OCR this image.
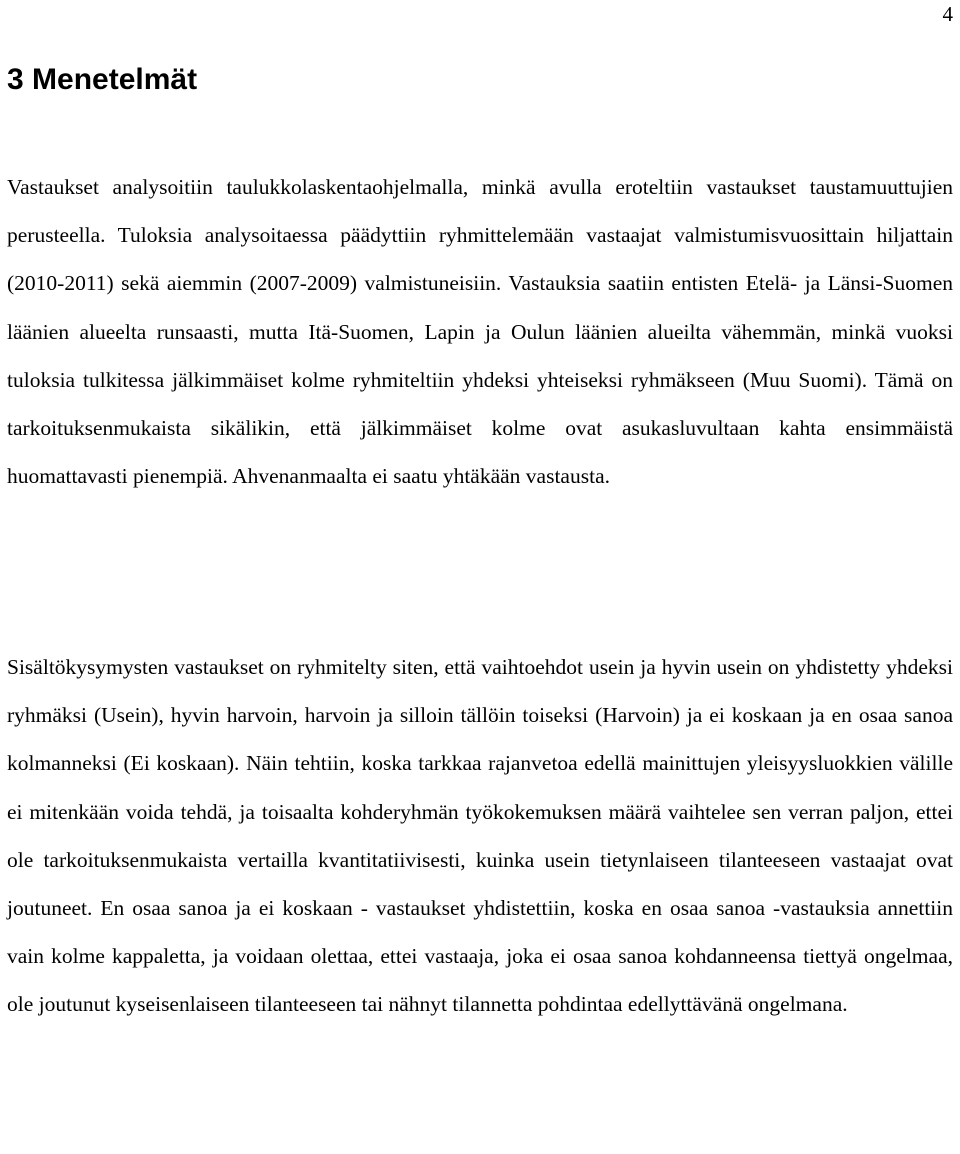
4
3 Menetelmät

Vastaukset analysoitiin taulukkolaskentaohjelmalla, minkä avulla eroteltiin vastaukset taustamuuttujien perusteella. Tuloksia analysoitaessa päädyttiin ryhmittelemään vastaajat valmistumisvuosittain hiljattain (2010-2011) sekä aiemmin (2007-2009) valmistuneisiin. Vastauksia saatiin entisten Etelä- ja Länsi-Suomen läänien alueelta runsaasti, mutta Itä-Suomen, Lapin ja Oulun läänien alueilta vähemmän, minkä vuoksi tuloksia tulkitessa jälkimmäiset kolme ryhmiteltiin yhdeksi yhteiseksi ryhmäkseen (Muu Suomi). Tämä on tarkoituksenmukaista sikälikin, että jälkimmäiset kolme ovat asukasluvultaan kahta ensimmäistä huomattavasti pienempiä. Ahvenanmaalta ei saatu yhtäkään vastausta.

Sisältökysymysten vastaukset on ryhmitelty siten, että vaihtoehdot usein ja hyvin usein on yhdistetty yhdeksi ryhmäksi (Usein), hyvin harvoin, harvoin ja silloin tällöin toiseksi (Harvoin) ja ei koskaan ja en osaa sanoa kolmanneksi (Ei koskaan). Näin tehtiin, koska tarkkaa rajanvetoa edellä mainittujen yleisyysluokkien välille ei mitenkään voida tehdä, ja toisaalta kohderyhmän työkokemuksen määrä vaihtelee sen verran paljon, ettei ole tarkoituksenmukaista vertailla kvantitatiivisesti, kuinka usein tietynlaiseen tilanteeseen vastaajat ovat joutuneet. En osaa sanoa ja ei koskaan - vastaukset yhdistettiin, koska en osaa sanoa -vastauksia annettiin vain kolme kappaletta, ja voidaan olettaa, ettei vastaaja, joka ei osaa sanoa kohdanneensa tiettyä ongelmaa, ole joutunut kyseisenlaiseen tilanteeseen tai nähnyt tilannetta pohdintaa edellyttävänä ongelmana.
